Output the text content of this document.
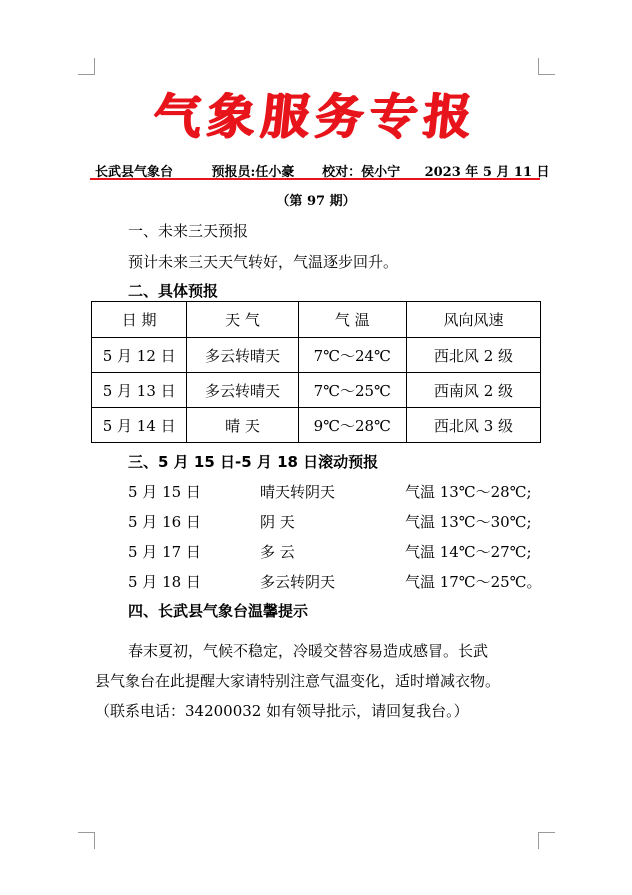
气象服务专报
长武县气象台	预报员:任小豪 校对：侯小宁 2023 年 5 月 11 日
（第 97 期）
一、未来三天预报
预计未来三天天气转好，气温逐步回升。
二、具体预报
日 期	天 气	气 温	风向风速
5 月 12 日	多云转晴天	7℃～24℃	西北风 2 级
5 月 13 日	多云转晴天	7℃～25℃	西南风 2 级
5 月 14 日	晴 天	9℃～28℃	西北风 3 级
三、5 月 15 日-5 月 18 日滚动预报
5 月 15 日	晴天转阴天	气温 13℃～28℃;
5 月 16 日	阴 天	气温 13℃～30℃;
5 月 17 日	多 云	气温 14℃～27℃;
5 月 18 日	多云转阴天	气温 17℃～25℃。
四、长武县气象台温馨提示
春末夏初，气候不稳定，冷暖交替容易造成感冒。长武
县气象台在此提醒大家请特别注意气温变化，适时增减衣物。
（联系电话：34200032 如有领导批示，请回复我台。）
